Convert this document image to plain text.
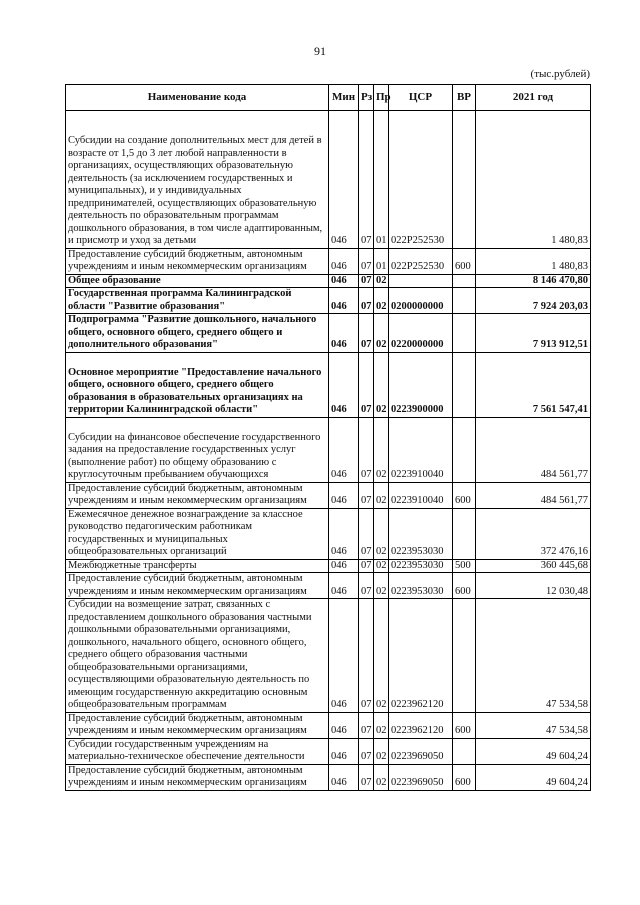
91
(тыс.рублей)
Наименование кода	Мин	Рз	Пр	ЦСР	ВР	2021 год

Субсидии на создание дополнительных мест для детей в возрасте от 1,5 до 3 лет любой направленности в организациях, осуществляющих образовательную деятельность (за исключением государственных и муниципальных), и у индивидуальных предпринимателей, осуществляющих образовательную деятельность по образовательным программам дошкольного образования, в том числе адаптированным, и присмотр и уход за детьми	046	07	01	022P252530		1 480,83
Предоставление субсидий бюджетным, автономным учреждениям и иным некоммерческим организациям	046	07	01	022P252530	600	1 480,83
Общее образование	046	07	02			8 146 470,80
Государственная программа Калининградской области "Развитие образования"	046	07	02	0200000000		7 924 203,03
Подпрограмма "Развитие дошкольного, начального общего, основного общего, среднего общего и дополнительного образования"	046	07	02	0220000000		7 913 912,51

Основное мероприятие "Предоставление начального общего, основного общего, среднего общего образования в образовательных организациях на территории Калининградской области"	046	07	02	0223900000		7 561 547,41

Субсидии на финансовое обеспечение государственного задания на предоставление государственных услуг (выполнение работ) по общему образованию с круглосуточным пребыванием обучающихся	046	07	02	0223910040		484 561,77
Предоставление субсидий бюджетным, автономным учреждениям и иным некоммерческим организациям	046	07	02	0223910040	600	484 561,77
Ежемесячное денежное вознаграждение за классное руководство педагогическим работникам государственных и муниципальных общеобразовательных организаций	046	07	02	0223953030		372 476,16
Межбюджетные трансферты	046	07	02	0223953030	500	360 445,68
Предоставление субсидий бюджетным, автономным учреждениям и иным некоммерческим организациям	046	07	02	0223953030	600	12 030,48
Субсидии на возмещение затрат, связанных с предоставлением дошкольного образования частными дошкольными образовательными организациями, дошкольного, начального общего, основного общего, среднего общего образования частными общеобразовательными организациями, осуществляющими образовательную деятельность по имеющим государственную аккредитацию основным общеобразовательным программам	046	07	02	0223962120		47 534,58
Предоставление субсидий бюджетным, автономным учреждениям и иным некоммерческим организациям	046	07	02	0223962120	600	47 534,58
Субсидии государственным учреждениям на материально-техническое обеспечение деятельности	046	07	02	0223969050		49 604,24
Предоставление субсидий бюджетным, автономным учреждениям и иным некоммерческим организациям	046	07	02	0223969050	600	49 604,24
